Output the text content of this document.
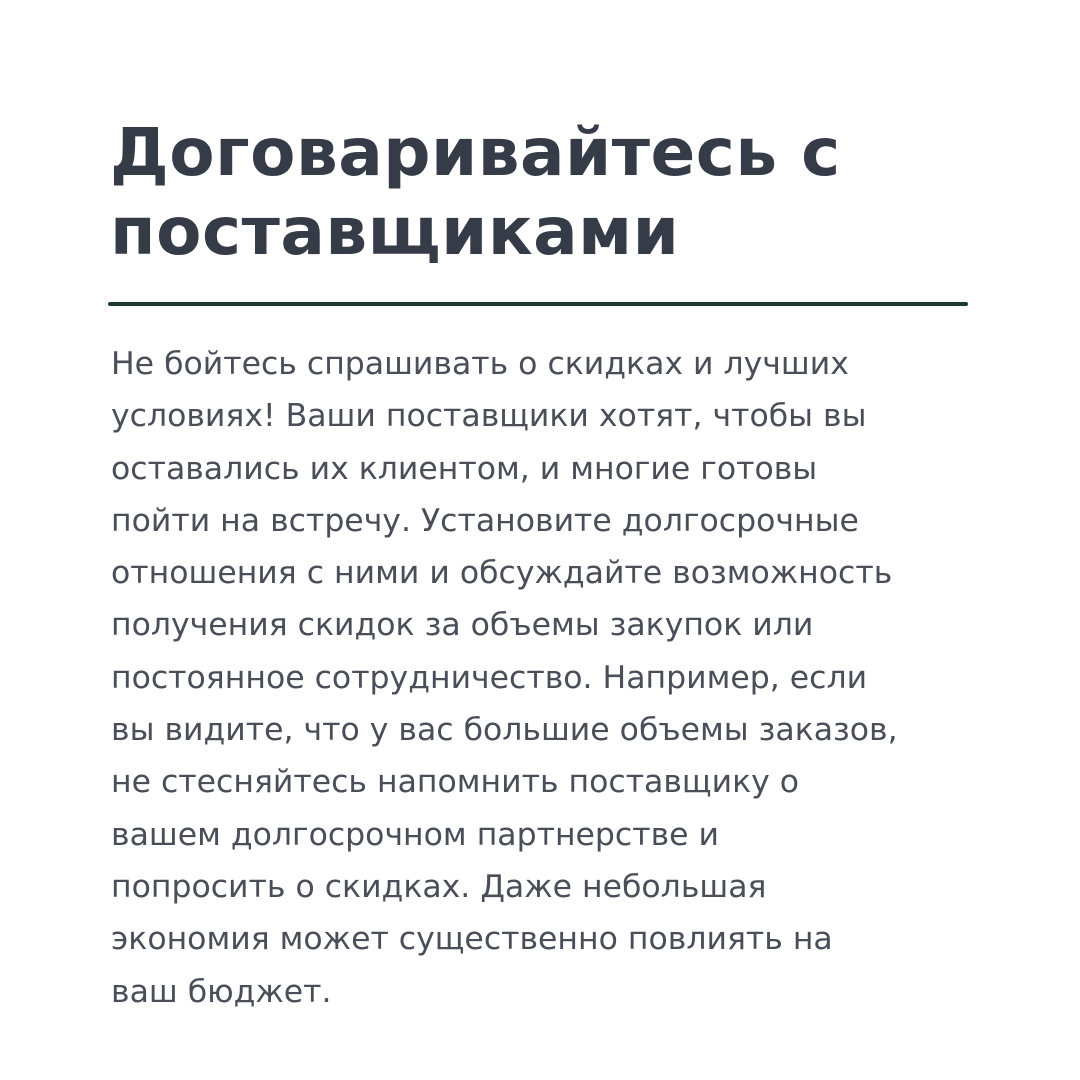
Договаривайтесь с
поставщиками

Не бойтесь спрашивать о скидках и лучших
условиях! Ваши поставщики хотят, чтобы вы
оставались их клиентом, и многие готовы
пойти на встречу. Установите долгосрочные
отношения с ними и обсуждайте возможность
получения скидок за объемы закупок или
постоянное сотрудничество. Например, если
вы видите, что у вас большие объемы заказов,
не стесняйтесь напомнить поставщику о
вашем долгосрочном партнерстве и
попросить о скидках. Даже небольшая
экономия может существенно повлиять на
ваш бюджет.
